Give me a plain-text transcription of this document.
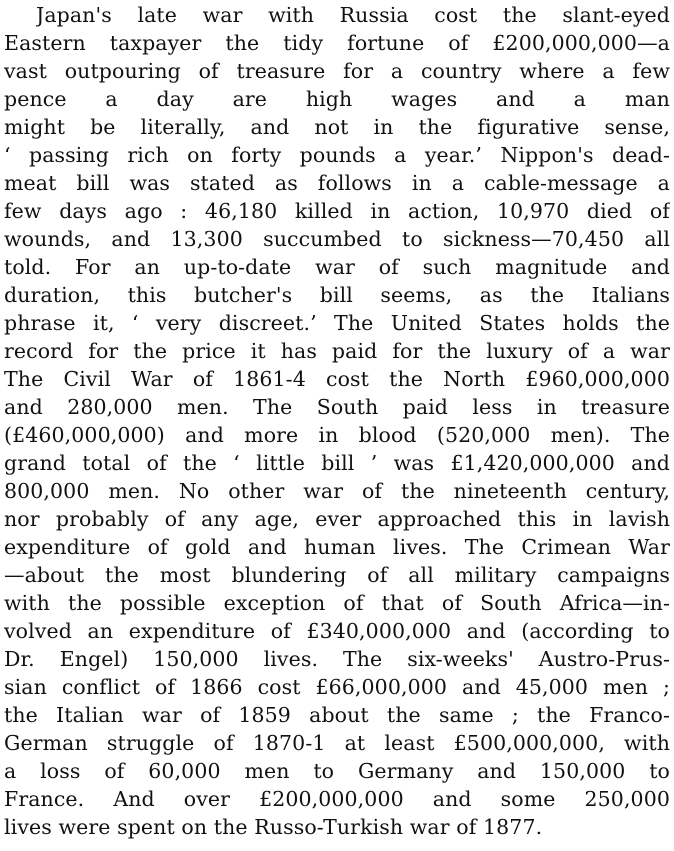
Japan's late war with Russia cost the slant-eyed
Eastern taxpayer the tidy fortune of £200,000,000—a
vast outpouring of treasure for a country where a few
pence a day are high wages and a man
might be literally, and not in the figurative sense,
‘ passing rich on forty pounds a year.’ Nippon's dead-
meat bill was stated as follows in a cable-message a
few days ago : 46,180 killed in action, 10,970 died of
wounds, and 13,300 succumbed to sickness—70,450 all
told. For an up-to-date war of such magnitude and
duration, this butcher's bill seems, as the Italians
phrase it, ‘ very discreet.’ The United States holds the
record for the price it has paid for the luxury of a war
The Civil War of 1861-4 cost the North £960,000,000
and 280,000 men. The South paid less in treasure
(£460,000,000) and more in blood (520,000 men). The
grand total of the ‘ little bill ’ was £1,420,000,000 and
800,000 men. No other war of the nineteenth century,
nor probably of any age, ever approached this in lavish
expenditure of gold and human lives. The Crimean War
—about the most blundering of all military campaigns
with the possible exception of that of South Africa—in-
volved an expenditure of £340,000,000 and (according to
Dr. Engel) 150,000 lives. The six-weeks' Austro-Prus-
sian conflict of 1866 cost £66,000,000 and 45,000 men ;
the Italian war of 1859 about the same ; the Franco-
German struggle of 1870-1 at least £500,000,000, with
a loss of 60,000 men to Germany and 150,000 to
France. And over £200,000,000 and some 250,000
lives were spent on the Russo-Turkish war of 1877.
